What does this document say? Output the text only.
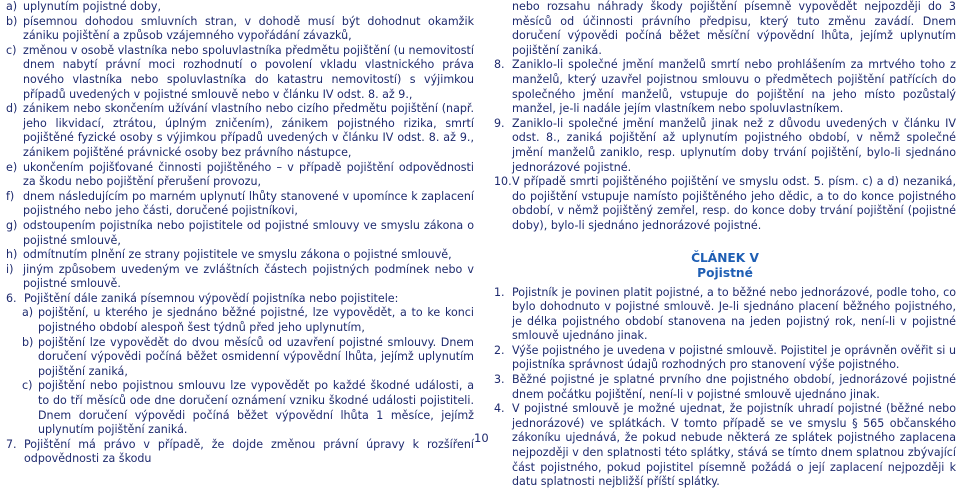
a) uplynutím pojistné doby,
b) písemnou dohodou smluvních stran, v dohodě musí být dohodnut okamžik zániku pojištění a způsob vzájemného vypořádání závazků,
c) změnou v osobě vlastníka nebo spoluvlastníka předmětu pojištění (u nemovitostí dnem nabytí právní moci rozhodnutí o povolení vkladu vlastnického práva nového vlastníka nebo spoluvlastníka do katastru nemovitostí) s výjimkou případů uvedených v pojistné smlouvě nebo v článku IV odst. 8. až 9.,
d) zánikem nebo skončením užívání vlastního nebo cizího předmětu pojištění (např. jeho likvidací, ztrátou, úplným zničením), zánikem pojistného rizika, smrtí pojištěné fyzické osoby s výjimkou případů uvedených v článku IV odst. 8. až 9., zánikem pojištěné právnické osoby bez právního nástupce,
e) ukončením pojišťované činnosti pojištěného – v případě pojištění odpovědnosti za škodu nebo pojištění přerušení provozu,
f) dnem následujícím po marném uplynutí lhůty stanovené v upomínce k zaplacení pojistného nebo jeho části, doručené pojistníkovi,
g) odstoupením pojistníka nebo pojistitele od pojistné smlouvy ve smyslu zákona o pojistné smlouvě,
h) odmítnutím plnění ze strany pojistitele ve smyslu zákona o pojistné smlouvě,
i) jiným způsobem uvedeným ve zvláštních částech pojistných podmínek nebo v pojistné smlouvě.
6. Pojištění dále zaniká písemnou výpovědí pojistníka nebo pojistitele:
a) pojištění, u kterého je sjednáno běžné pojistné, lze vypovědět, a to ke konci pojistného období alespoň šest týdnů před jeho uplynutím,
b) pojištění lze vypovědět do dvou měsíců od uzavření pojistné smlouvy. Dnem doručení výpovědi počíná běžet osmidenní výpovědní lhůta, jejímž uplynutím pojištění zaniká,
c) pojištění nebo pojistnou smlouvu lze vypovědět po každé škodné události, a to do tří měsíců ode dne doručení oznámení vzniku škodné události pojistiteli. Dnem doručení výpovědi počíná běžet výpovědní lhůta 1 měsíce, jejímž uplynutím pojištění zaniká.
7. Pojištění má právo v případě, že dojde změnou právní úpravy k rozšíření odpovědnosti za škodu
nebo rozsahu náhrady škody pojištění písemně vypovědět nejpozději do 3 měsíců od účinnosti právního předpisu, který tuto změnu zavádí. Dnem doručení výpovědi počíná běžet měsíční výpovědní lhůta, jejímž uplynutím pojištění zaniká.
8. Zaniklo-li společné jmění manželů smrtí nebo prohlášením za mrtvého toho z manželů, který uzavřel pojistnou smlouvu o předmětech pojištění patřících do společného jmění manželů, vstupuje do pojištění na jeho místo pozůstalý manžel, je-li nadále jejím vlastníkem nebo spoluvlastníkem.
9. Zaniklo-li společné jmění manželů jinak než z důvodu uvedených v článku IV odst. 8., zaniká pojištění až uplynutím pojistného období, v němž společné jmění manželů zaniklo, resp. uplynutím doby trvání pojištění, bylo-li sjednáno jednorázové pojistné.
10. V případě smrti pojištěného pojištění ve smyslu odst. 5. písm. c) a d) nezaniká, do pojištění vstupuje namísto pojištěného jeho dědic, a to do konce pojistného období, v němž pojištěný zemřel, resp. do konce doby trvání pojištění (pojistné doby), bylo-li sjednáno jednorázové pojistné.
ČLÁNEK V
Pojistné
1. Pojistník je povinen platit pojistné, a to běžné nebo jednorázové, podle toho, co bylo dohodnuto v pojistné smlouvě. Je-li sjednáno placení běžného pojistného, je délka pojistného období stanovena na jeden pojistný rok, není-li v pojistné smlouvě ujednáno jinak.
2. Výše pojistného je uvedena v pojistné smlouvě. Pojistitel je oprávněn ověřit si u pojistníka správnost údajů rozhodných pro stanovení výše pojistného.
3. Běžné pojistné je splatné prvního dne pojistného období, jednorázové pojistné dnem počátku pojištění, není-li v pojistné smlouvě ujednáno jinak.
4. V pojistné smlouvě je možné ujednat, že pojistník uhradí pojistné (běžné nebo jednorázové) ve splátkách. V tomto případě se ve smyslu § 565 občanského zákoníku ujednává, že pokud nebude některá ze splátek pojistného zaplacena nejpozději v den splatnosti této splátky, stává se tímto dnem splatnou zbývající část pojistného, pokud pojistitel písemně požádá o její zaplacení nejpozději k datu splatnosti nejbližší příští splátky.
10
